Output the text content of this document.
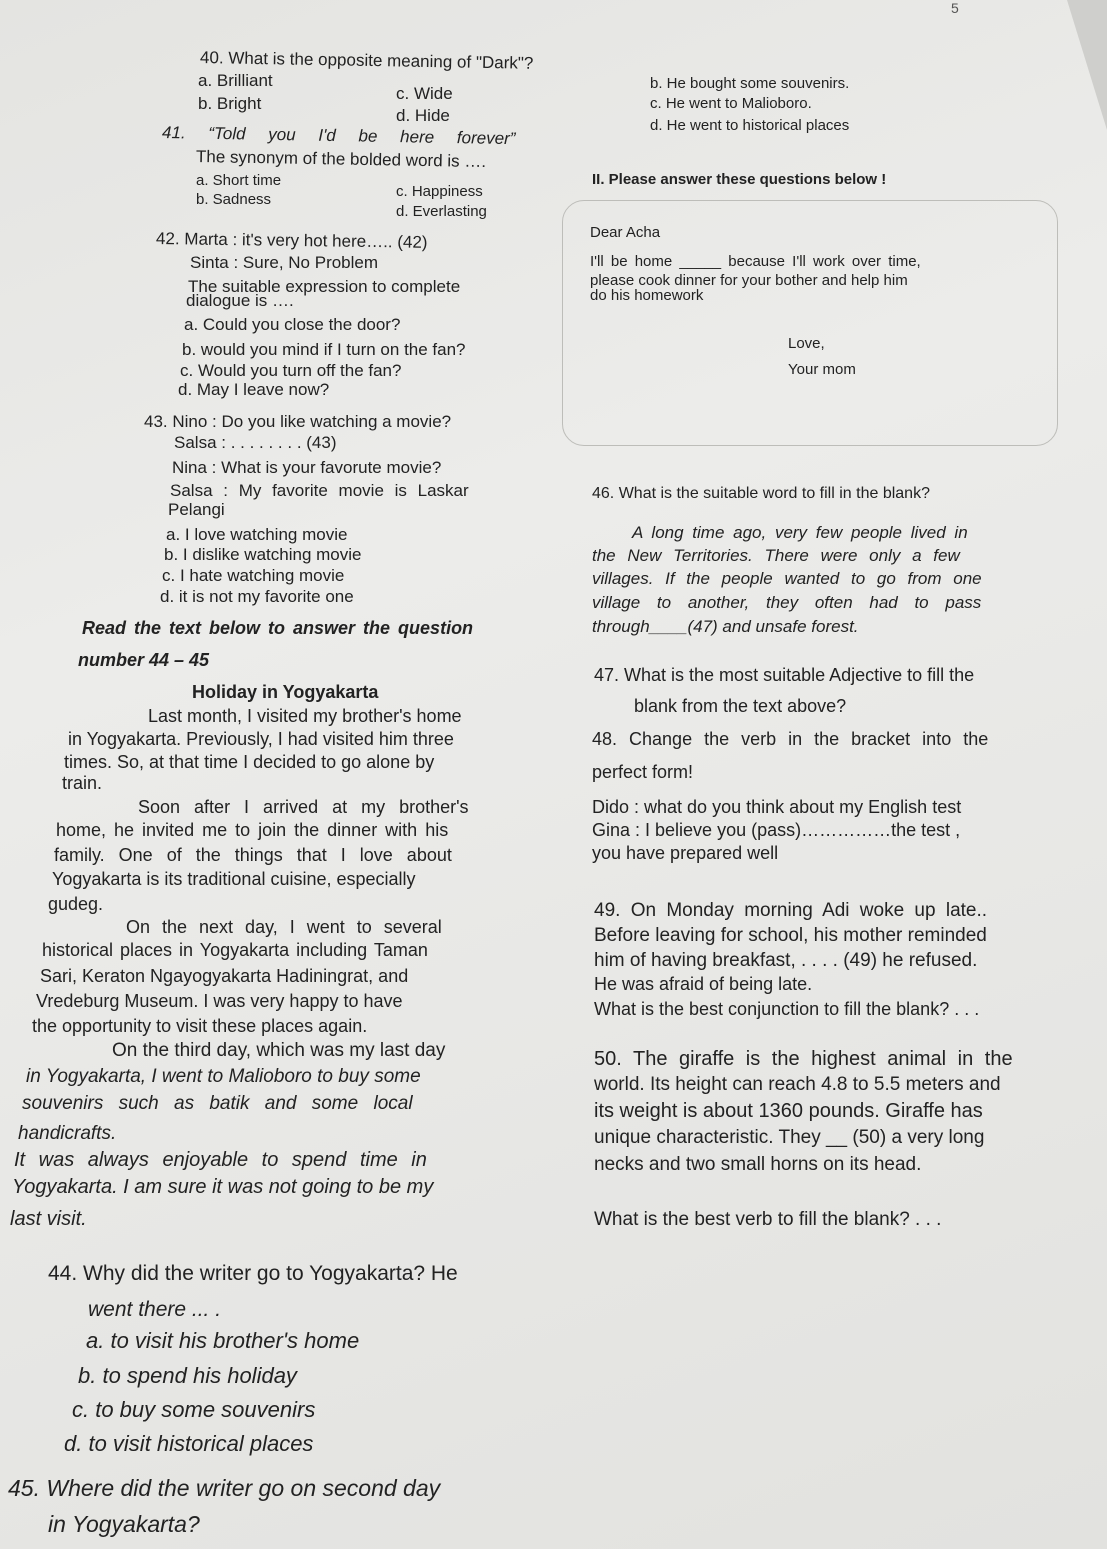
5
40. What is the opposite meaning of "Dark"?
a. Brilliant
b. Bright
c. Wide
d. Hide
b. He bought some souvenirs.
c. He went to Malioboro.
d. He went to historical places
41. “Told you I'd be here forever”
The synonym of the bolded word is ….
a. Short time
b. Sadness	c. Happiness
d. Everlasting
II. Please answer these questions below !
Dear Acha
I'll be home _____ because I'll work over time,
please cook dinner for your bother and help him
do his homework
Love,
Your mom
42. Marta : it's very hot here….. (42)
Sinta : Sure, No Problem
The suitable expression to complete
dialogue is ….
a. Could you close the door?
b. would you mind if I turn on the fan?
c. Would you turn off the fan?
d. May I leave now?
43. Nino : Do you like watching a movie?
Salsa : . . . . . . . . (43)
Nina : What is your favorute movie?
Salsa : My favorite movie is Laskar
Pelangi
a. I love watching movie
b. I dislike watching movie
c. I hate watching movie
d. it is not my favorite one
Read the text below to answer the question
number 44 – 45
Holiday in Yogyakarta
Last month, I visited my brother's home
in Yogyakarta. Previously, I had visited him three
times. So, at that time I decided to go alone by
train.
Soon after I arrived at my brother's
home, he invited me to join the dinner with his
family. One of the things that I love about
Yogyakarta is its traditional cuisine, especially
gudeg.
On the next day, I went to several
historical places in Yogyakarta including Taman
Sari, Keraton Ngayogyakarta Hadiningrat, and
Vredeburg Museum. I was very happy to have
the opportunity to visit these places again.
On the third day, which was my last day
in Yogyakarta, I went to Malioboro to buy some
souvenirs such as batik and some local
handicrafts.
It was always enjoyable to spend time in
Yogyakarta. I am sure it was not going to be my
last visit.
44. Why did the writer go to Yogyakarta? He
went there ... .
a. to visit his brother's home
b. to spend his holiday
c. to buy some souvenirs
d. to visit historical places
45. Where did the writer go on second day
in Yogyakarta?
46. What is the suitable word to fill in the blank?
A long time ago, very few people lived in
the New Territories. There were only a few
villages. If the people wanted to go from one
village to another, they often had to pass
through____(47) and unsafe forest.
47. What is the most suitable Adjective to fill the
blank from the text above?
48. Change the verb in the bracket into the
perfect form!
Dido : what do you think about my English test
Gina : I believe you (pass)……………the test ,
you have prepared well
49. On Monday morning Adi woke up late..
Before leaving for school, his mother reminded
him of having breakfast, . . . . (49) he refused.
He was afraid of being late.
What is the best conjunction to fill the blank? . . .
50. The giraffe is the highest animal in the
world. Its height can reach 4.8 to 5.5 meters and
its weight is about 1360 pounds. Giraffe has
unique characteristic. They __ (50) a very long
necks and two small horns on its head.
What is the best verb to fill the blank? . . .
